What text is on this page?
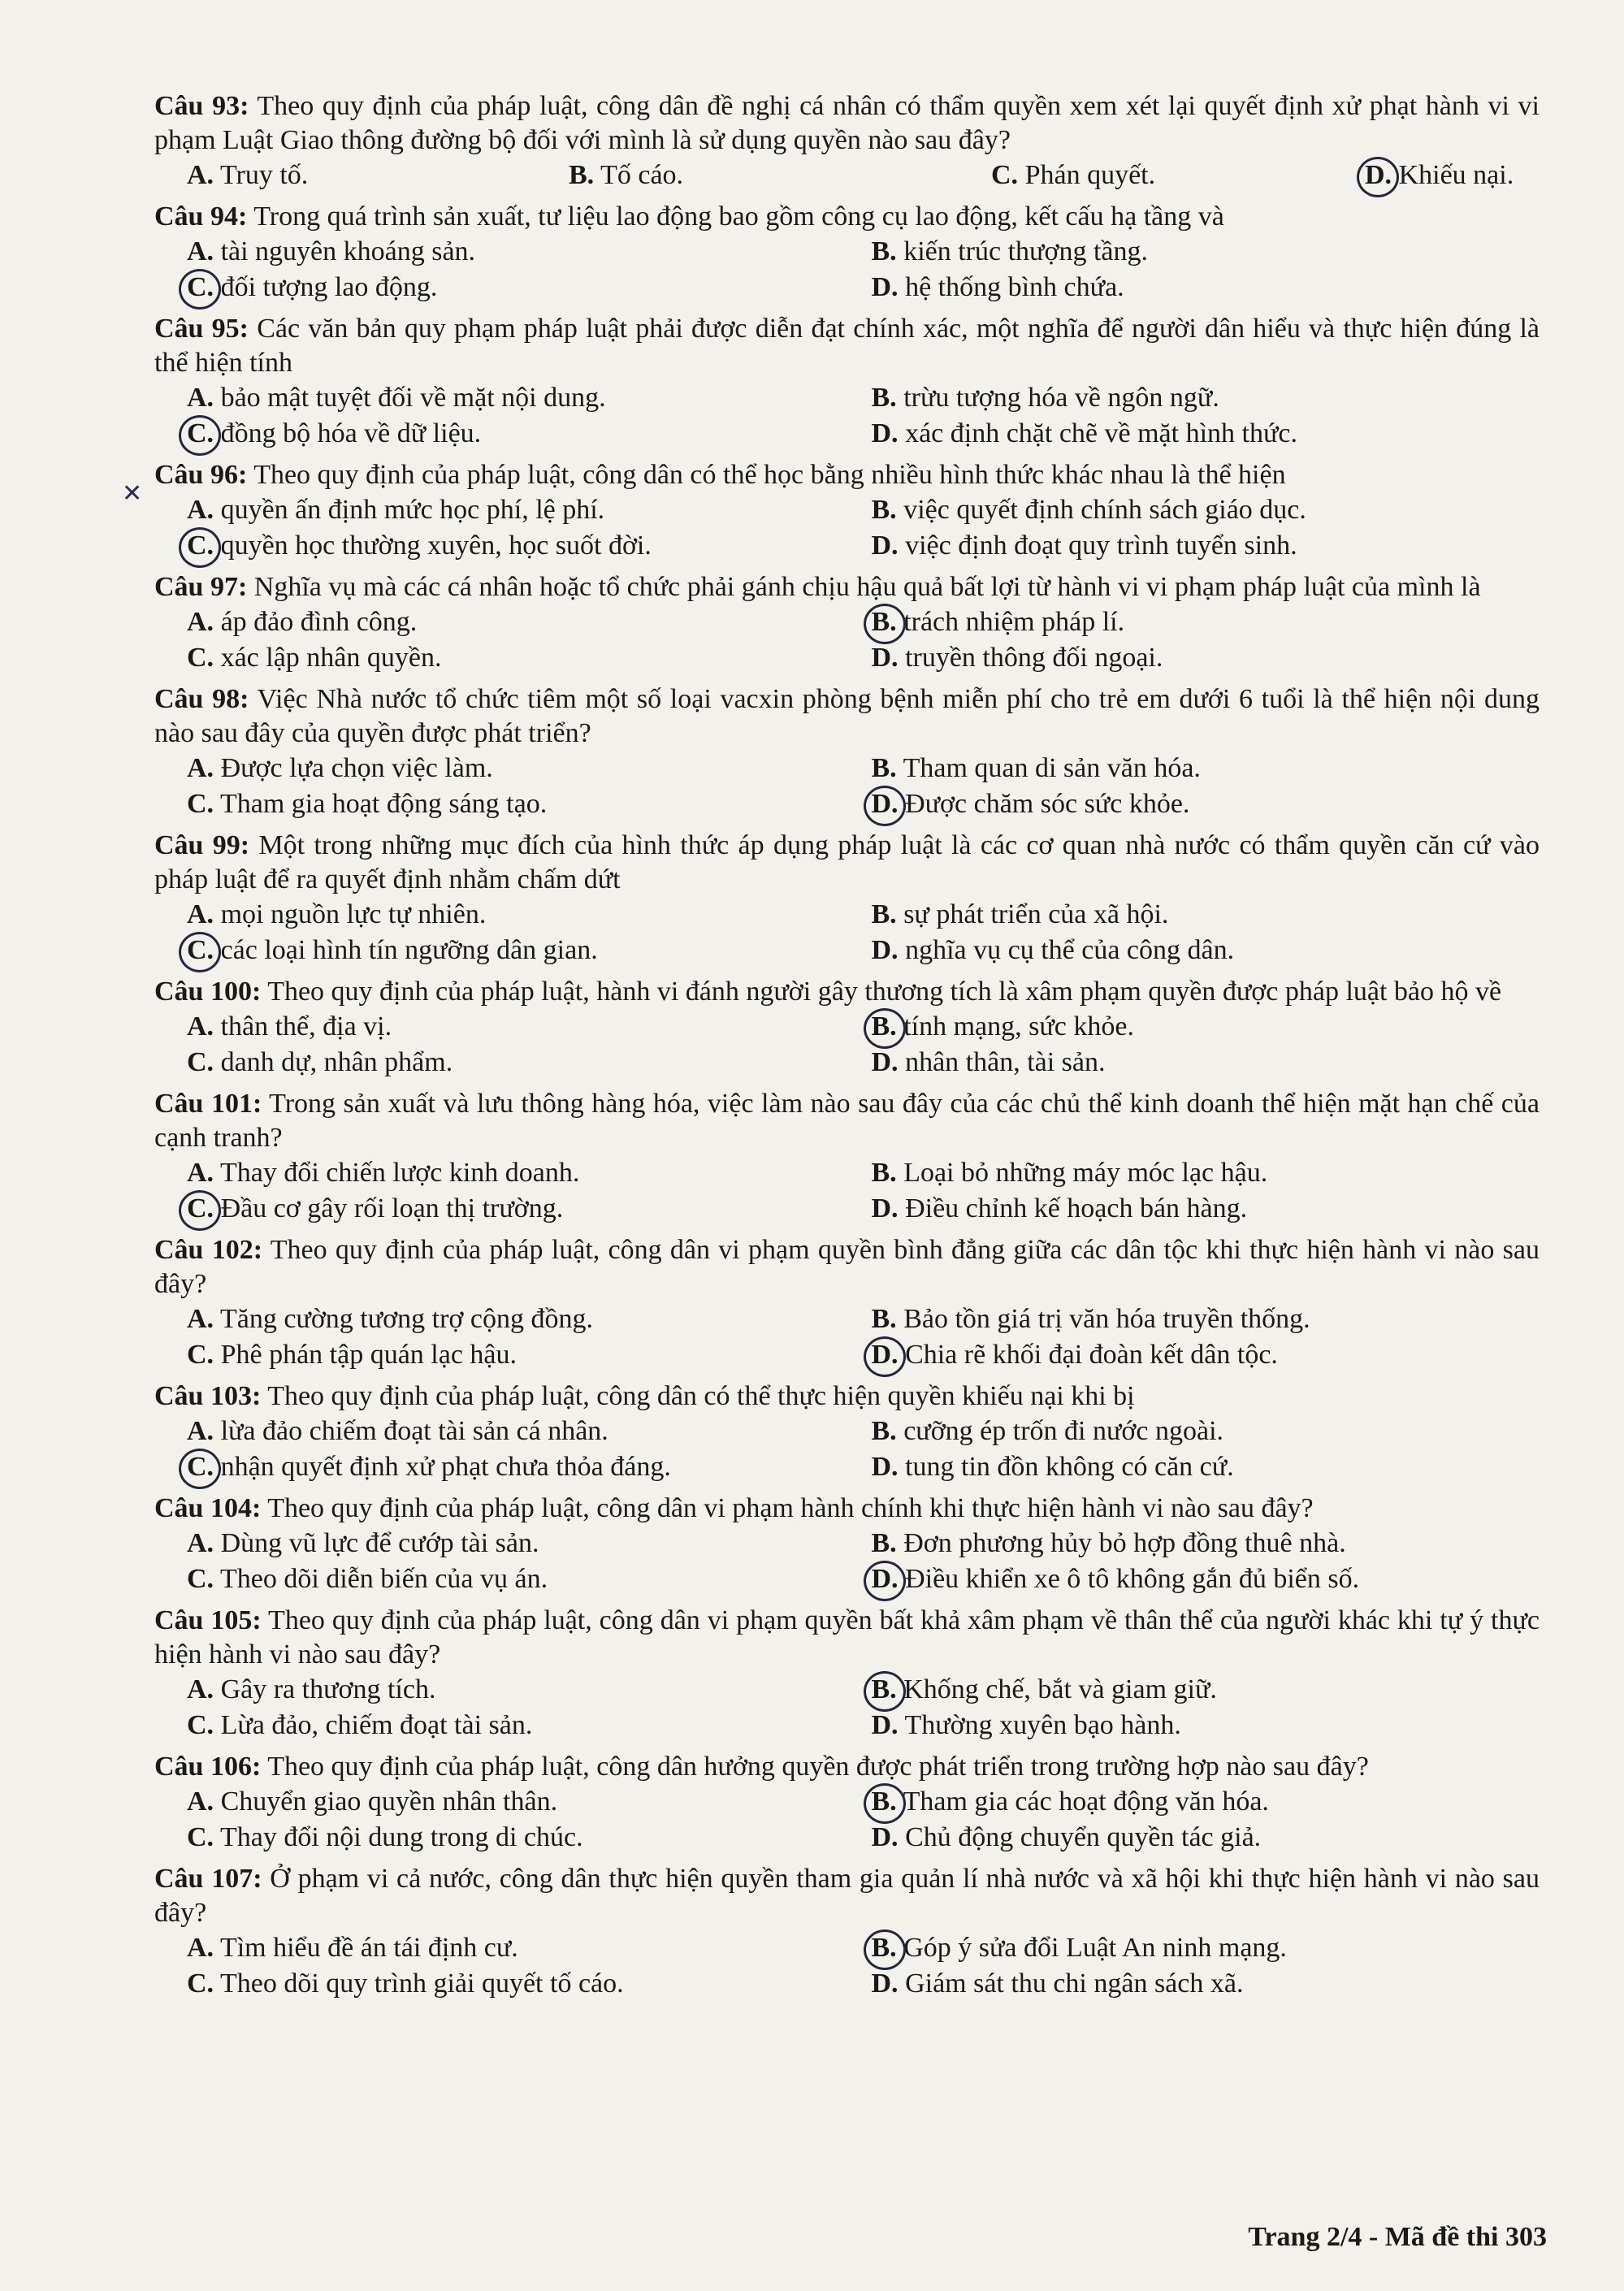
Câu 93: Theo quy định của pháp luật, công dân đề nghị cá nhân có thẩm quyền xem xét lại quyết định xử phạt hành vi vi phạm Luật Giao thông đường bộ đối với mình là sử dụng quyền nào sau đây?
A. Truy tố.	B. Tố cáo.	C. Phán quyết.	D. Khiếu nại.
Câu 94: Trong quá trình sản xuất, tư liệu lao động bao gồm công cụ lao động, kết cấu hạ tầng và
A. tài nguyên khoáng sản.	B. kiến trúc thượng tầng.
C. đối tượng lao động.	D. hệ thống bình chứa.
Câu 95: Các văn bản quy phạm pháp luật phải được diễn đạt chính xác, một nghĩa để người dân hiểu và thực hiện đúng là thể hiện tính
A. bảo mật tuyệt đối về mặt nội dung.	B. trừu tượng hóa về ngôn ngữ.
C. đồng bộ hóa về dữ liệu.	D. xác định chặt chẽ về mặt hình thức.
Câu 96: Theo quy định của pháp luật, công dân có thể học bằng nhiều hình thức khác nhau là thể hiện
A. quyền ấn định mức học phí, lệ phí.	B. việc quyết định chính sách giáo dục.
C. quyền học thường xuyên, học suốt đời.	D. việc định đoạt quy trình tuyển sinh.
Câu 97: Nghĩa vụ mà các cá nhân hoặc tổ chức phải gánh chịu hậu quả bất lợi từ hành vi vi phạm pháp luật của mình là
A. áp đảo đình công.	B. trách nhiệm pháp lí.
C. xác lập nhân quyền.	D. truyền thông đối ngoại.
Câu 98: Việc Nhà nước tổ chức tiêm một số loại vacxin phòng bệnh miễn phí cho trẻ em dưới 6 tuổi là thể hiện nội dung nào sau đây của quyền được phát triển?
A. Được lựa chọn việc làm.	B. Tham quan di sản văn hóa.
C. Tham gia hoạt động sáng tạo.	D. Được chăm sóc sức khỏe.
Câu 99: Một trong những mục đích của hình thức áp dụng pháp luật là các cơ quan nhà nước có thẩm quyền căn cứ vào pháp luật để ra quyết định nhằm chấm dứt
A. mọi nguồn lực tự nhiên.	B. sự phát triển của xã hội.
C. các loại hình tín ngưỡng dân gian.	D. nghĩa vụ cụ thể của công dân.
Câu 100: Theo quy định của pháp luật, hành vi đánh người gây thương tích là xâm phạm quyền được pháp luật bảo hộ về
A. thân thể, địa vị.	B. tính mạng, sức khỏe.
C. danh dự, nhân phẩm.	D. nhân thân, tài sản.
Câu 101: Trong sản xuất và lưu thông hàng hóa, việc làm nào sau đây của các chủ thể kinh doanh thể hiện mặt hạn chế của cạnh tranh?
A. Thay đổi chiến lược kinh doanh.	B. Loại bỏ những máy móc lạc hậu.
C. Đầu cơ gây rối loạn thị trường.	D. Điều chỉnh kế hoạch bán hàng.
Câu 102: Theo quy định của pháp luật, công dân vi phạm quyền bình đẳng giữa các dân tộc khi thực hiện hành vi nào sau đây?
A. Tăng cường tương trợ cộng đồng.	B. Bảo tồn giá trị văn hóa truyền thống.
C. Phê phán tập quán lạc hậu.	D. Chia rẽ khối đại đoàn kết dân tộc.
Câu 103: Theo quy định của pháp luật, công dân có thể thực hiện quyền khiếu nại khi bị
A. lừa đảo chiếm đoạt tài sản cá nhân.	B. cưỡng ép trốn đi nước ngoài.
C. nhận quyết định xử phạt chưa thỏa đáng.	D. tung tin đồn không có căn cứ.
Câu 104: Theo quy định của pháp luật, công dân vi phạm hành chính khi thực hiện hành vi nào sau đây?
A. Dùng vũ lực để cướp tài sản.	B. Đơn phương hủy bỏ hợp đồng thuê nhà.
C. Theo dõi diễn biến của vụ án.	D. Điều khiển xe ô tô không gắn đủ biển số.
Câu 105: Theo quy định của pháp luật, công dân vi phạm quyền bất khả xâm phạm về thân thể của người khác khi tự ý thực hiện hành vi nào sau đây?
A. Gây ra thương tích.	B. Khống chế, bắt và giam giữ.
C. Lừa đảo, chiếm đoạt tài sản.	D. Thường xuyên bạo hành.
Câu 106: Theo quy định của pháp luật, công dân hưởng quyền được phát triển trong trường hợp nào sau đây?
A. Chuyển giao quyền nhân thân.	B. Tham gia các hoạt động văn hóa.
C. Thay đổi nội dung trong di chúc.	D. Chủ động chuyển quyền tác giả.
Câu 107: Ở phạm vi cả nước, công dân thực hiện quyền tham gia quản lí nhà nước và xã hội khi thực hiện hành vi nào sau đây?
A. Tìm hiểu đề án tái định cư.	B. Góp ý sửa đổi Luật An ninh mạng.
C. Theo dõi quy trình giải quyết tố cáo.	D. Giám sát thu chi ngân sách xã.
✕
Trang 2/4 - Mã đề thi 303
